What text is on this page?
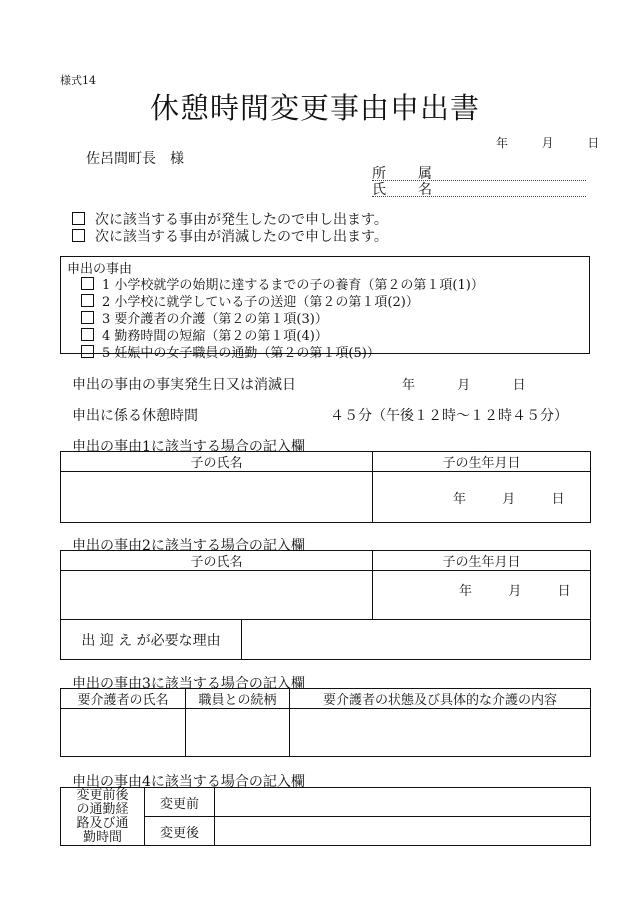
様式14
休憩時間変更事由申出書
年	月	日
佐呂間町長　様
所 属
氏 名
次に該当する事由が発生したので申し出ます。
次に該当する事由が消滅したので申し出ます。
申出の事由
1 小学校就学の始期に達するまでの子の養育（第２の第１項(1)）
2 小学校に就学している子の送迎（第２の第１項(2)）
3 要介護者の介護（第２の第１項(3)）
4 勤務時間の短縮（第２の第１項(4)）
5 妊娠中の女子職員の通勤（第２の第１項(5)）
申出の事由の事実発生日又は消滅日	年	月	日
申出に係る休憩時間	４５分（午後１２時～１２時４５分）
申出の事由1に該当する場合の記入欄
子の氏名	子の生年月日

	年 月 日
申出の事由2に該当する場合の記入欄
子の氏名		子の生年月日

		年 月 日

出 迎 え が必要な理由		
申出の事由3に該当する場合の記入欄
要介護者の氏名	職員との続柄	要介護者の状態及び具体的な介護の内容

申出の事由4に該当する場合の記入欄
変更前後
の通勤経
路及び通
勤時間	変更前	
	変更後	
